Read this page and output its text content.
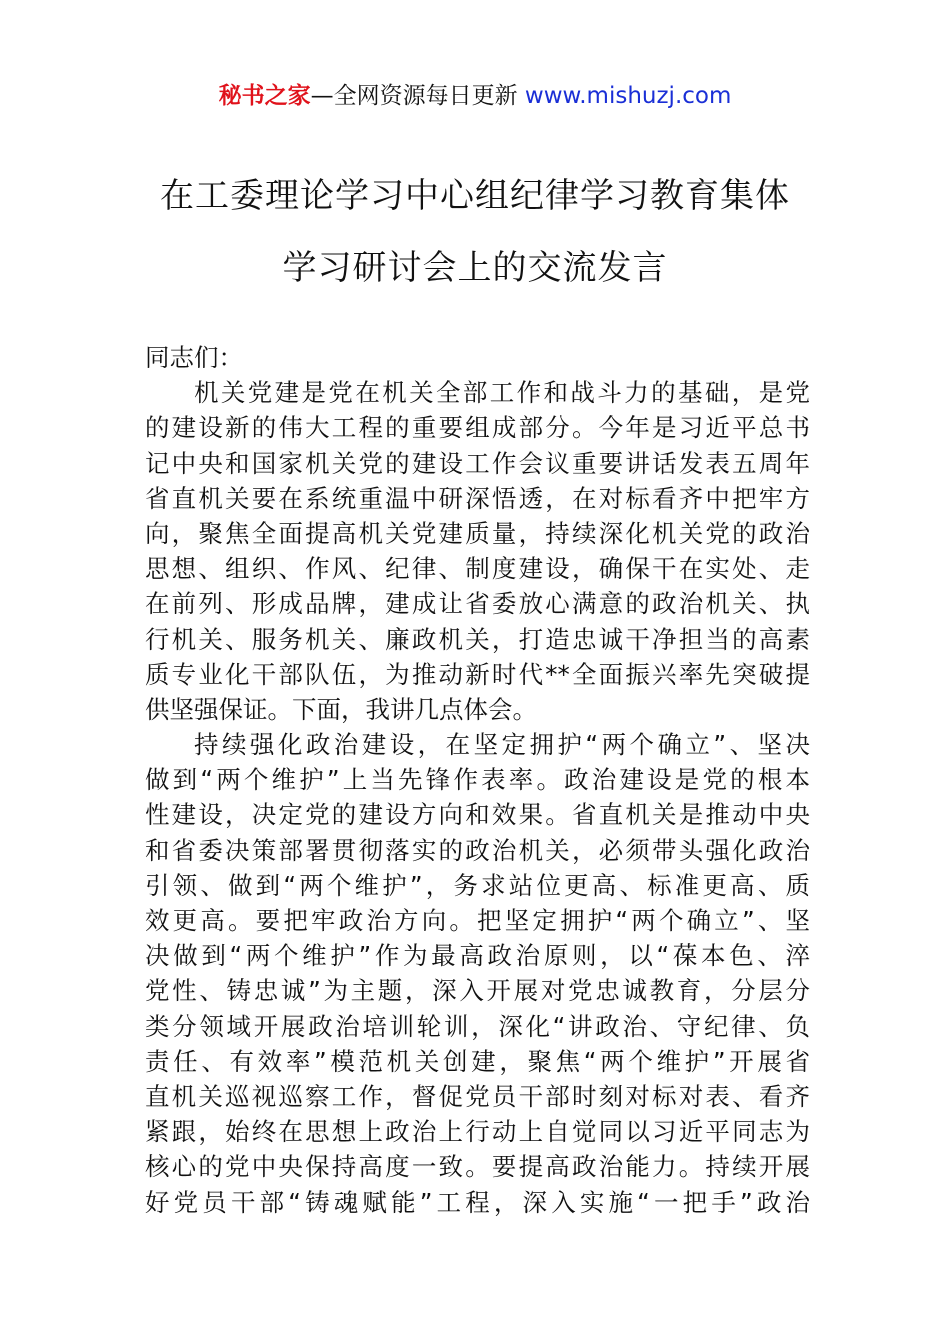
秘书之家—全网资源每日更新 www.mishuzj.com
在工委理论学习中心组纪律学习教育集体
学习研讨会上的交流发言
同志们：
机关党建是党在机关全部工作和战斗力的基础，是党
的建设新的伟大工程的重要组成部分。今年是习近平总书
记中央和国家机关党的建设工作会议重要讲话发表五周年
省直机关要在系统重温中研深悟透，在对标看齐中把牢方
向，聚焦全面提高机关党建质量，持续深化机关党的政治
思想、组织、作风、纪律、制度建设，确保干在实处、走
在前列、形成品牌，建成让省委放心满意的政治机关、执
行机关、服务机关、廉政机关，打造忠诚干净担当的高素
质专业化干部队伍，为推动新时代**全面振兴率先突破提
供坚强保证。下面，我讲几点体会。
持续强化政治建设，在坚定拥护“两个确立”、坚决
做到“两个维护”上当先锋作表率。政治建设是党的根本
性建设，决定党的建设方向和效果。省直机关是推动中央
和省委决策部署贯彻落实的政治机关，必须带头强化政治
引领、做到“两个维护”，务求站位更高、标准更高、质
效更高。要把牢政治方向。把坚定拥护“两个确立”、坚
决做到“两个维护”作为最高政治原则，以“葆本色、淬
党性、铸忠诚”为主题，深入开展对党忠诚教育，分层分
类分领域开展政治培训轮训，深化“讲政治、守纪律、负
责任、有效率”模范机关创建，聚焦“两个维护”开展省
直机关巡视巡察工作，督促党员干部时刻对标对表、看齐
紧跟，始终在思想上政治上行动上自觉同以习近平同志为
核心的党中央保持高度一致。要提高政治能力。持续开展
好党员干部“铸魂赋能”工程，深入实施“一把手”政治
